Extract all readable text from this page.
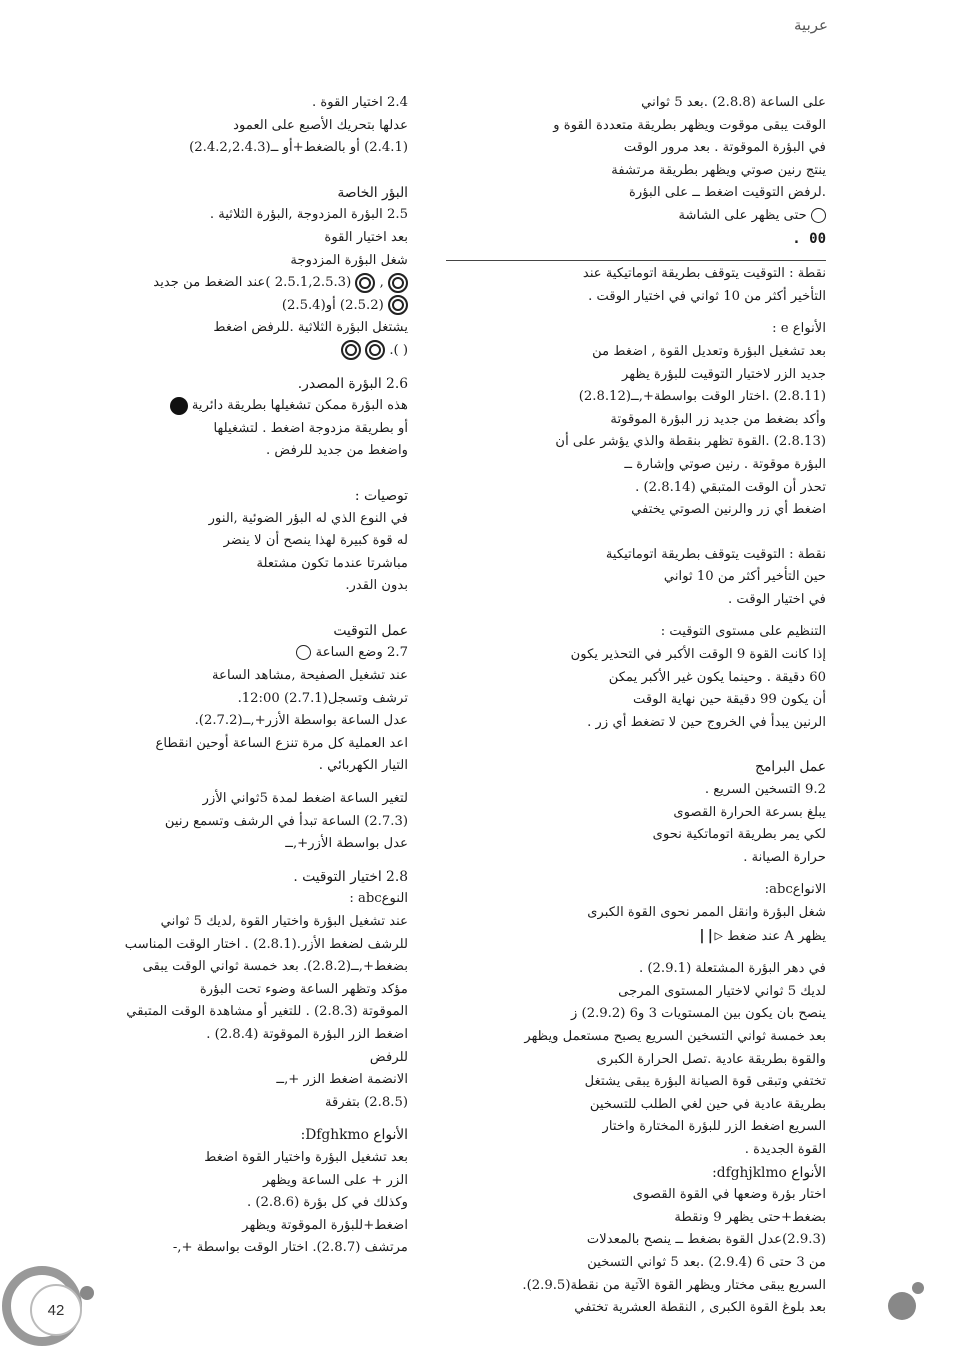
عربية
على الساعة (2.8.8) .بعد 5 ثواني
الوقت يبقى موقوت ويظهر بطريقة متعددة القوة و
في البؤرة الموقوتة . بعد مرور الوقت
ينتج رنين صوتي ويظهر بطريقة مرتشفة
.لرفض التوقيت اضغط ــ على البؤرة
حتى يظهر على الشاشة
00 .
نقطة : التوقيت يتوقف بطريقة اتوماتيكية عند
التأخير أكثر من 10 ثواني في اختيار الوقت .
الأنواع e :
بعد تشغيل البؤرة وتعديل القوة , اضغط من
جديد الزر لاختيار التوقيت للبؤرة يظهر
(2.8.11) .اختار الوقت بواسطة+,ــ(2.8.12)
وأكد بضغط من جديد زر البؤرة الموقوتة
(2.8.13) .القوة تظهر بنقطة والذي يؤشر على أن
البؤرة موقوتة . رنين صوتي وإشارة ــ
تحذر أن الوقت المتبقي (2.8.14) .
اضغط أي زر والرنين الصوتي يختفي
نقطة : التوقيت يتوقف بطريقة اتوماتيكية
حين التأخير أكثر من 10 ثواني
في اختيار الوقت .
التنظيم على مستوى التوقيت :
إذا كانت القوة 9 الوقت الأكبر في التحذير يكون
60 دقيقة . وحينما يكون غير الأكبر يمكن
أن يكون 99 دقيقة حين نهاية الوقت
الرنين يبدأ في الخروج حين لا تضغط أي زر .
عمل البرامج
9.2 التسخين السريع .
يبلغ بسرعة الحرارة القصوى
لكي يمر بطريقة اتوماتكية نحوى
حرارة الصيانة .
الانواعabc:
شغل البؤرة وانقل الممر نحوى القوة الكبرى
يظهر A عند ضغط ▷||
في دهر البؤرة المشتعلة (2.9.1) .
لديك 5 ثواني لاختيار المستوى المرجى
ينصح بان يكون بين المستويات 3 و6 (2.9.2) ز
بعد خمسة ثواني التسخين السريع يصبح مستعمل ويظهر
والقوة بطريقة عادية .تصل الحرارة الكبرى
تختفي وتبقى قوة الصيانة البؤرة يبقى يشتغل
بطريقة عادية في حين لغي الطلب للتسخين
السريع اضغط الزر للبؤرة المختارة واختار
القوة الجديدة .
الأنواع dfghjklmo:
اختار بؤرة وضعها في القوة القصوى
بضغط+حتى يظهر 9 ونقطة
(2.9.3)عدل القوة بضغط ــ ينصح بالمعدلات
من 3 حتى 6 (2.9.4) .بعد 5 ثواني التسخين
السريع يبقى مختار ويظهر القوة الآتية من نقطة(2.9.5).
بعد بلوغ القوة الكبرى , النقطة العشرية تختفي
2.4 اختيار القوة .
عدلها بتحريك الأصبع على العمود
(2.4.1) أو بالضغط+أو ــ(2.4.2,2.4.3)
البؤر الخاصة
2.5 البؤرة المزدوجة ,البؤرة الثلاثية .
بعد اختيار القوة
شغل البؤرة المزدوجة
,  (2.5.1,2.5.3 )عند الضغط من جديد
(2.5.2) أو(2.5.4)
يشتغل البؤرة الثلاثية .للرفض اضغط
( ).
2.6 البؤرة المصدر.
هذه البؤرة ممكن تشغيلها بطريقة دائرية
أو بطريقة مزدوجة اضغط . لتشغيلها
واضغط من جديد للرفض .
توصيات :
في النوع الذي له البؤر الضوئية ,النور
له قوة كبيرة لهذا ينصح أن لا ينضر
مباشرتا عندما تكون مشتعلة
بدون القدر.
عمل التوقيت
2.7 وضع الساعة
عند تشغيل الصفيحة ,مشاهد الساعة
ترشف وتسجل(2.7.1) 12:00.
عدل الساعة بواسطة الأزر+,ــ(2.7.2).
اعد العملية كل مرة تنزع الساعة أوحين انقطاع
التيار الكهربائي .
لتغير الساعة اضغط لمدة 5ثواني الأزر
(2.7.3) الساعة تبدأ في الرشف وتسمع رنين
عدل بواسطة الأزر+,ــ
2.8 اختيار التوقيت .
النوعabc :
عند تشغيل البؤرة واختيار القوة ,لديك 5 ثواني
للرشف لضغط الأزر.(2.8.1) . اختار الوقت المناسب
بضغط+,ــ(2.8.2). بعد خمسة ثواني الوقت يبقى
مؤكد وتظهر الساعة وضوء تحت البؤرة
الموقوتة (2.8.3) . للتغير أو مشاهدة الوقت المتبقي
اضغط الزر البؤرة الموقوتة (2.8.4) .
للرفض
الانضمة اضغط الزر +,ــ
(2.8.5) بتفرقة
الأنواع Dfghkmo:
بعد تشغيل البؤرة واختيار القوة اضغط
الزر + على الساعة ويظهر
وكذلك في كل بؤرة (2.8.6) .
اضغط+للبؤرة الموقوتة ويظهر
مرتشف (2.8.7). اختار الوقت بواسطة +,-
42
